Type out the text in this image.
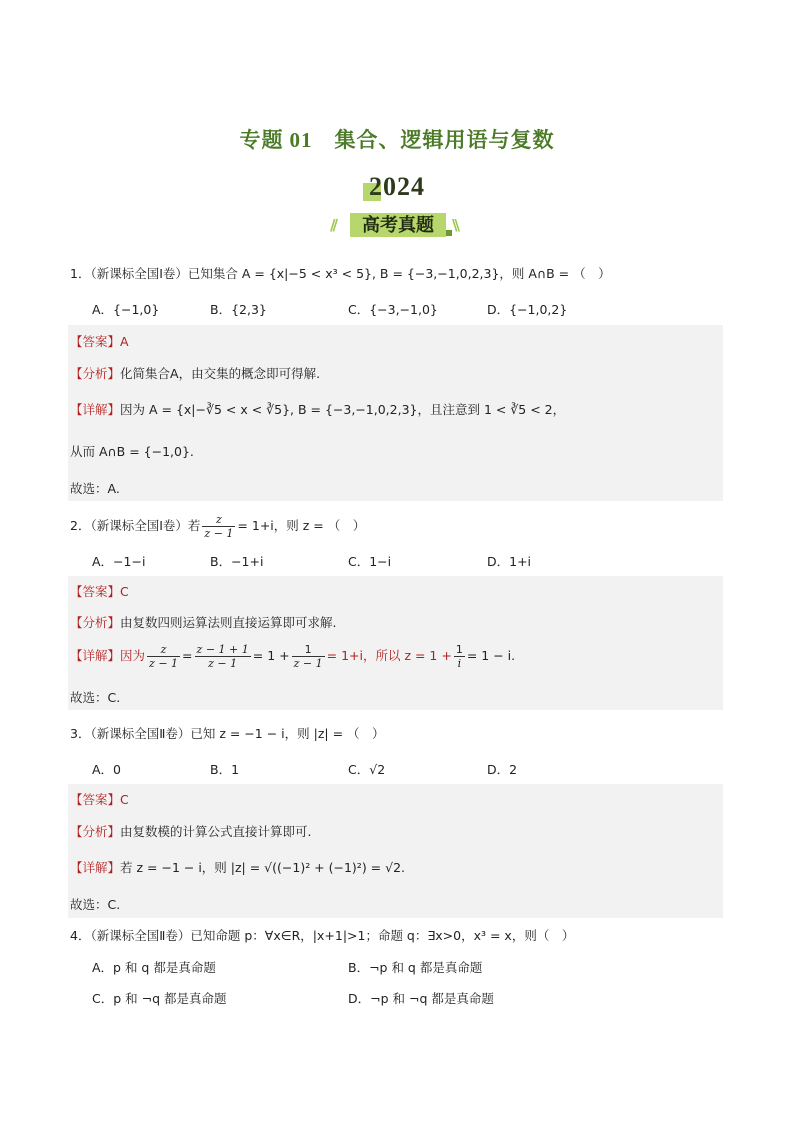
专题 01 集合、逻辑用语与复数
2024
//	高考真题	\\
1．（新课标全国Ⅰ卷）已知集合 A = {x|−5 < x³ < 5}, B = {−3,−1,0,2,3}，则 A∩B = （　）
A．{−1,0}	B．{2,3}	C．{−3,−1,0}	D．{−1,0,2}
【答案】A
【分析】化简集合A，由交集的概念即可得解.
【详解】因为 A = {x|−∛5 < x < ∛5}, B = {−3,−1,0,2,3}，且注意到 1 < ∛5 < 2，
从而 A∩B = {−1,0}.
故选：A.
2．（新课标全国Ⅰ卷）若 $\frac{z}{z - 1} = 1+i$，则 z = （　）
A．−1−i	B．−1+i	C．1−i	D．1+i
【答案】C
【分析】由复数四则运算法则直接运算即可求解.
【详解】因为 $\frac{z}{z - 1} = \frac{z - 1 + 1}{z - 1} = 1 + \frac{1}{z - 1} = 1+i$，所以 $z = 1 + \frac{1}{i} = 1 - i$.
故选：C.
3．（新课标全国Ⅱ卷）已知 z = −1 − i，则 |z| = （　）
A．0	B．1	C．√2	D．2
【答案】C
【分析】由复数模的计算公式直接计算即可.
【详解】若 z = −1 − i，则 |z| = √((−1)² + (−1)²) = √2.
故选：C.
4．（新课标全国Ⅱ卷）已知命题 p：∀x∈R，|x+1|>1；命题 q：∃x>0，x³ = x，则（　）
A．p 和 q 都是真命题	B．¬p 和 q 都是真命题
C．p 和 ¬q 都是真命题	D．¬p 和 ¬q 都是真命题
